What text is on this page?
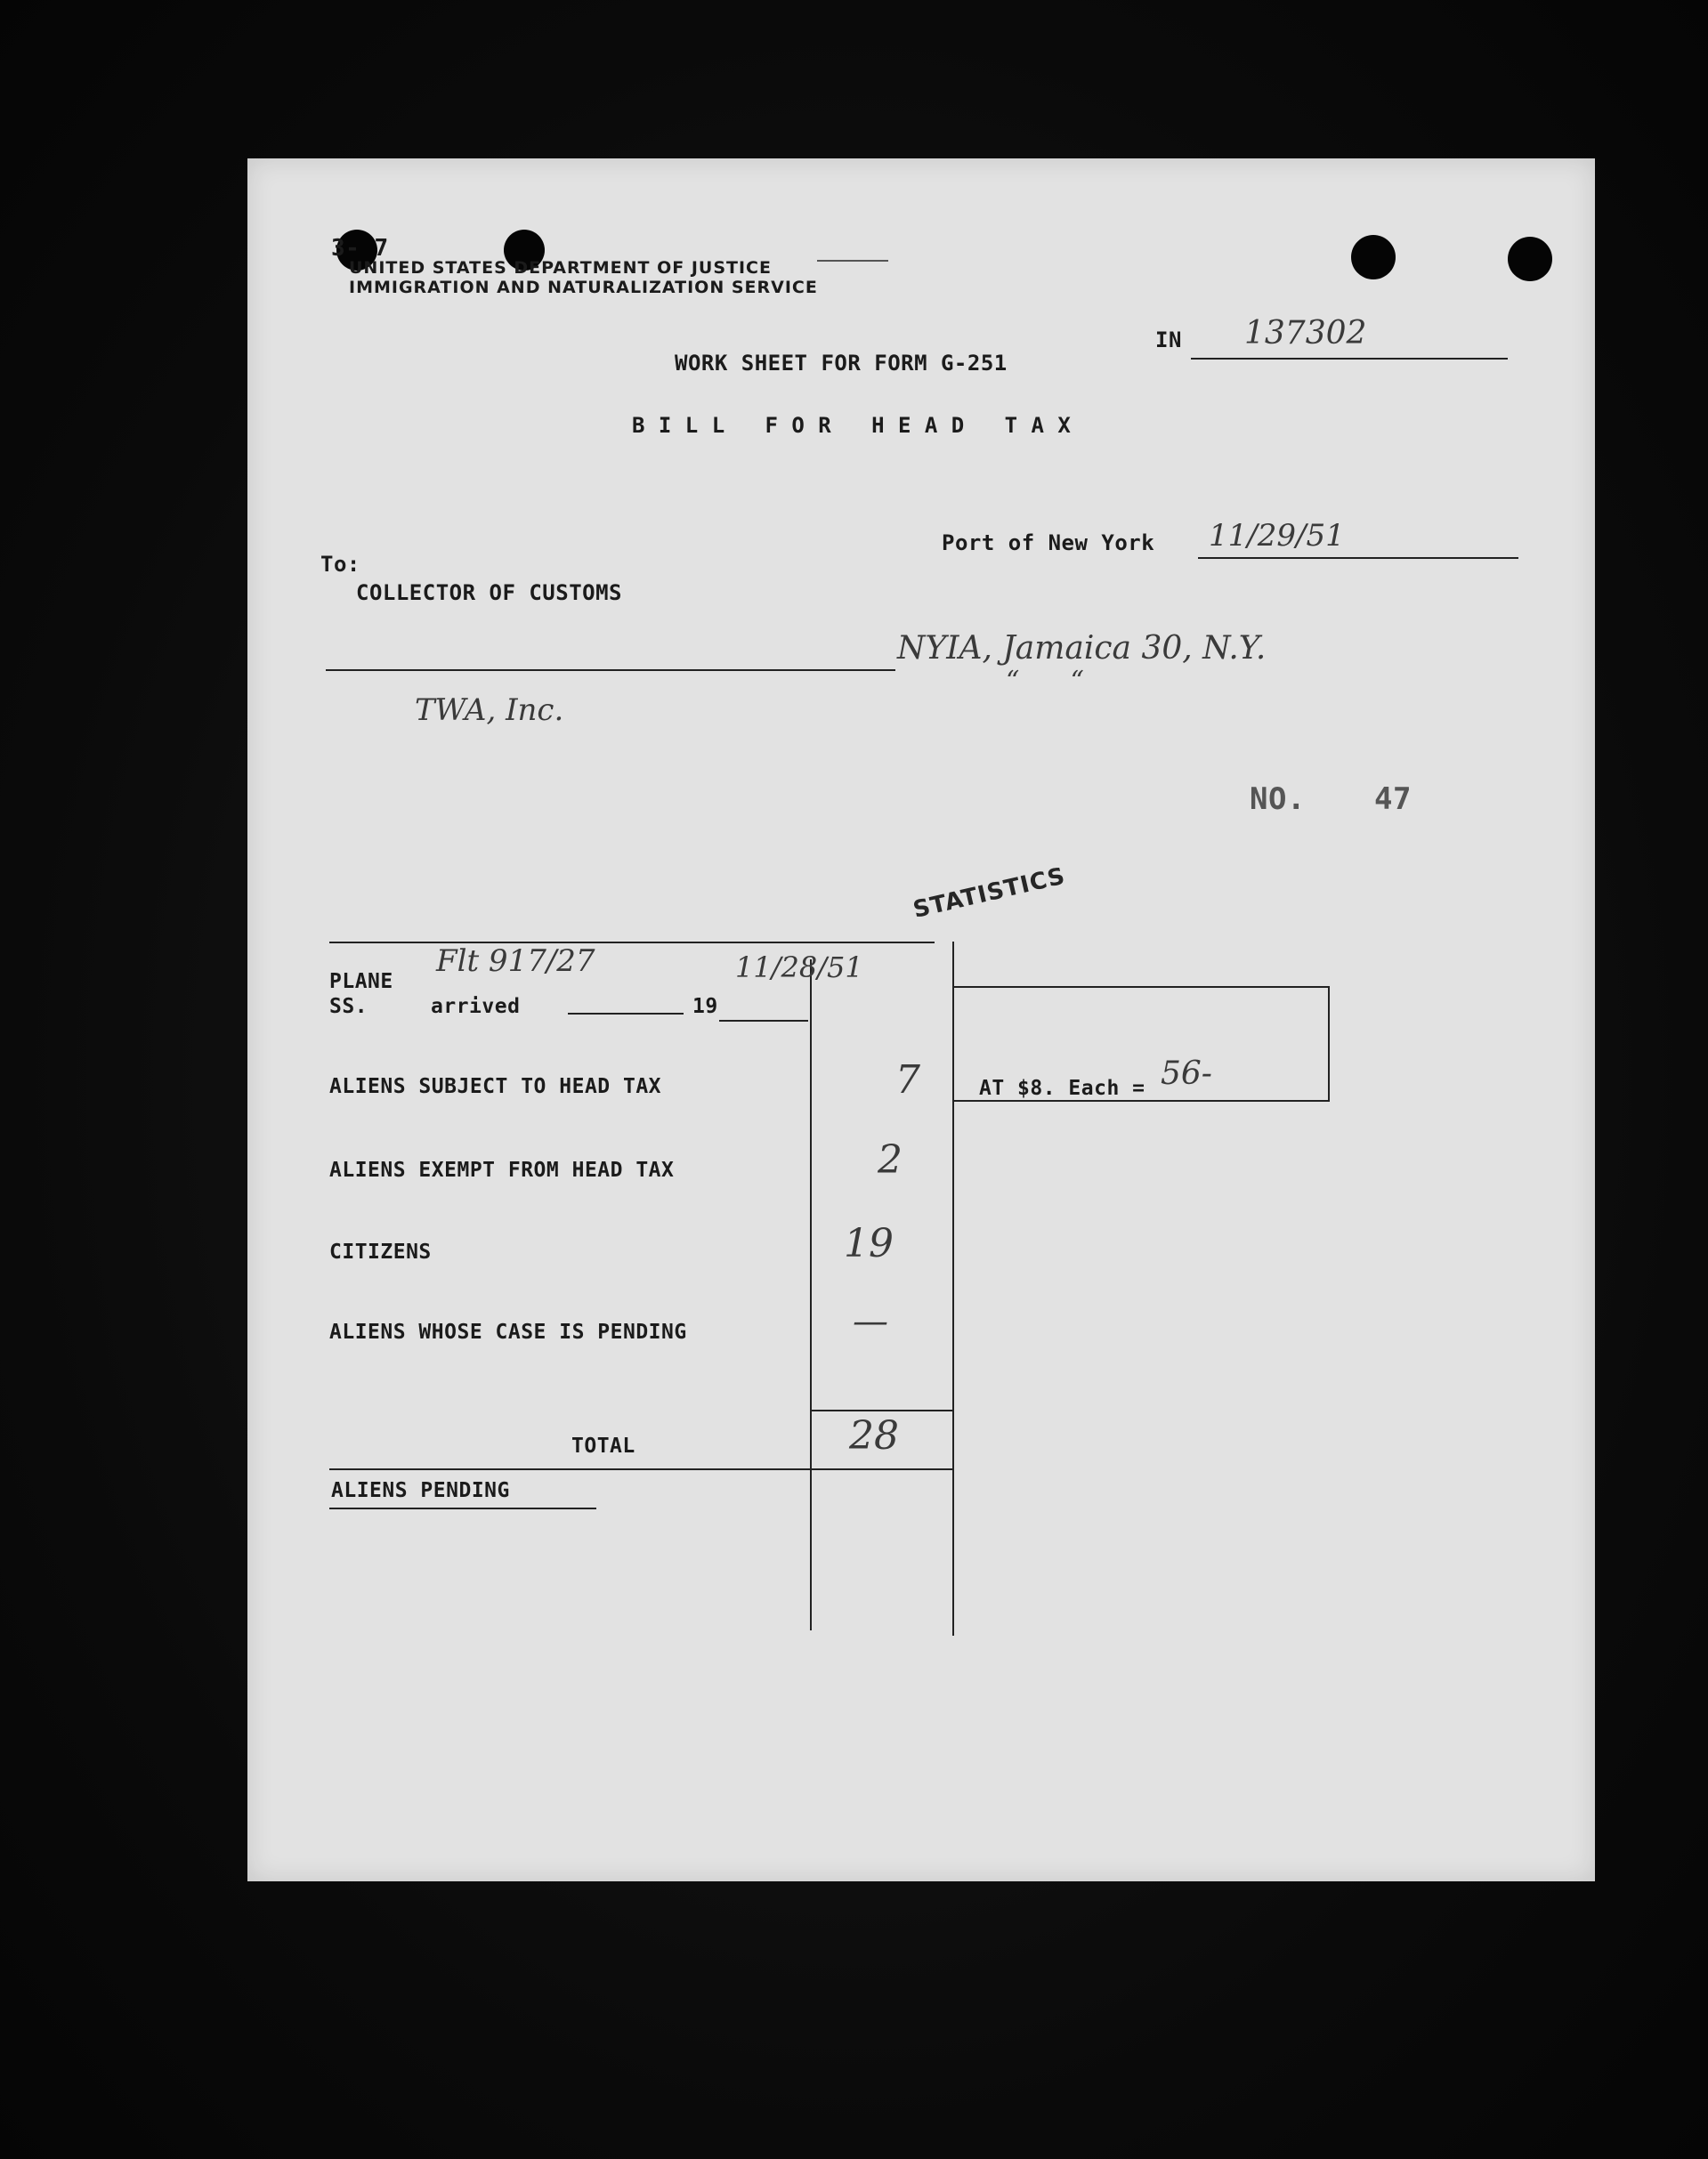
3- 7
UNITED STATES DEPARTMENT OF JUSTICE
IMMIGRATION AND NATURALIZATION SERVICE
IN 137302
WORK SHEET FOR FORM G-251
B I L L   F O R   H E A D   T A X
Port of New York 11/29/51
To:
COLLECTOR OF CUSTOMS
NYIA, Jamaica 30, N.Y.
“      “
TWA, Inc.
NO. 47
STATISTICS
PLANE
Flt 917/27	11/28/51
SS.	arrived	19
AT $8. Each = 56-
ALIENS SUBJECT TO HEAD TAX	7
ALIENS EXEMPT FROM HEAD TAX	2
CITIZENS	19
ALIENS WHOSE CASE IS PENDING	—
TOTAL	28
ALIENS PENDING
